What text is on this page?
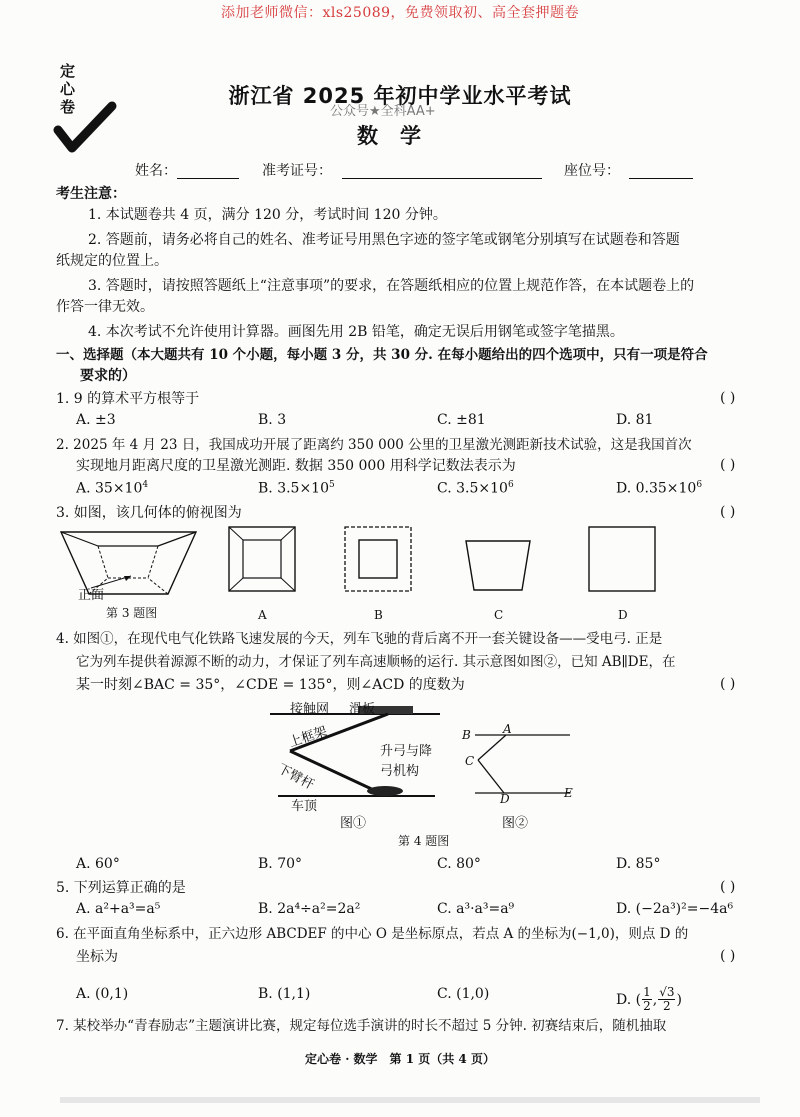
添加老师微信：xls25089，免费领取初、高全套押题卷
定心卷	浙江省 2025 年初中学业水平考试
公众号★全科AA+
数学
姓名：	准考证号：	座位号：
考生注意：
1. 本试题卷共 4 页，满分 120 分，考试时间 120 分钟。
2. 答题前，请务必将自己的姓名、准考证号用黑色字迹的签字笔或钢笔分别填写在试题卷和答题
纸规定的位置上。
3. 答题时，请按照答题纸上“注意事项”的要求，在答题纸相应的位置上规范作答，在本试题卷上的
作答一律无效。
4. 本次考试不允许使用计算器。画图先用 2B 铅笔，确定无误后用钢笔或签字笔描黑。
一、选择题（本大题共有 10 个小题，每小题 3 分，共 30 分. 在每小题给出的四个选项中，只有一项是符合
要求的）
1. 9 的算术平方根等于	( )
A. ±3	B. 3	C. ±81	D. 81
2. 2025 年 4 月 23 日，我国成功开展了距离约 350 000 公里的卫星激光测距新技术试验，这是我国首次
实现地月距离尺度的卫星激光测距. 数据 350 000 用科学记数法表示为	( )
A. $35\times 10^4$	B. $3.5\times 10^5$	C. $3.5\times 10^6$	D. $0.35\times 10^6$
3. 如图，该几何体的俯视图为	( )
正面
第 3 题图	A	B	C	D
4. 如图①，在现代电气化铁路飞速发展的今天，列车飞驰的背后离不开一套关键设备——受电弓. 正是
它为列车提供着源源不断的动力，才保证了列车高速顺畅的运行. 其示意图如图②，已知 AB∥DE，在
某一时刻∠BAC = 35°，∠CDE = 135°，则∠ACD 的度数为	( )
接触网 滑板
上框架
下臂杆
升弓与降
弓机构
车顶
图①
B	A
C
D	E
图②
第 4 题图
A. 60°	B. 70°	C. 80°	D. 85°
5. 下列运算正确的是	( )
A. a²+a³=a⁵	B. 2a⁴÷a²=2a²	C. a³·a³=a⁹	D. (−2a³)²=−4a⁶
6. 在平面直角坐标系中，正六边形 ABCDEF 的中心 O 是坐标原点，若点 A 的坐标为(−1,0)，则点 D 的
坐标为	( )
A. (0,1)	B. (1,1)	C. (1,0)	D. ( 1
2 , √3
2 )
7. 某校举办“青春励志”主题演讲比赛，规定每位选手演讲的时长不超过 5 分钟. 初赛结束后，随机抽取
定心卷 · 数学　第 1 页（共 4 页）
